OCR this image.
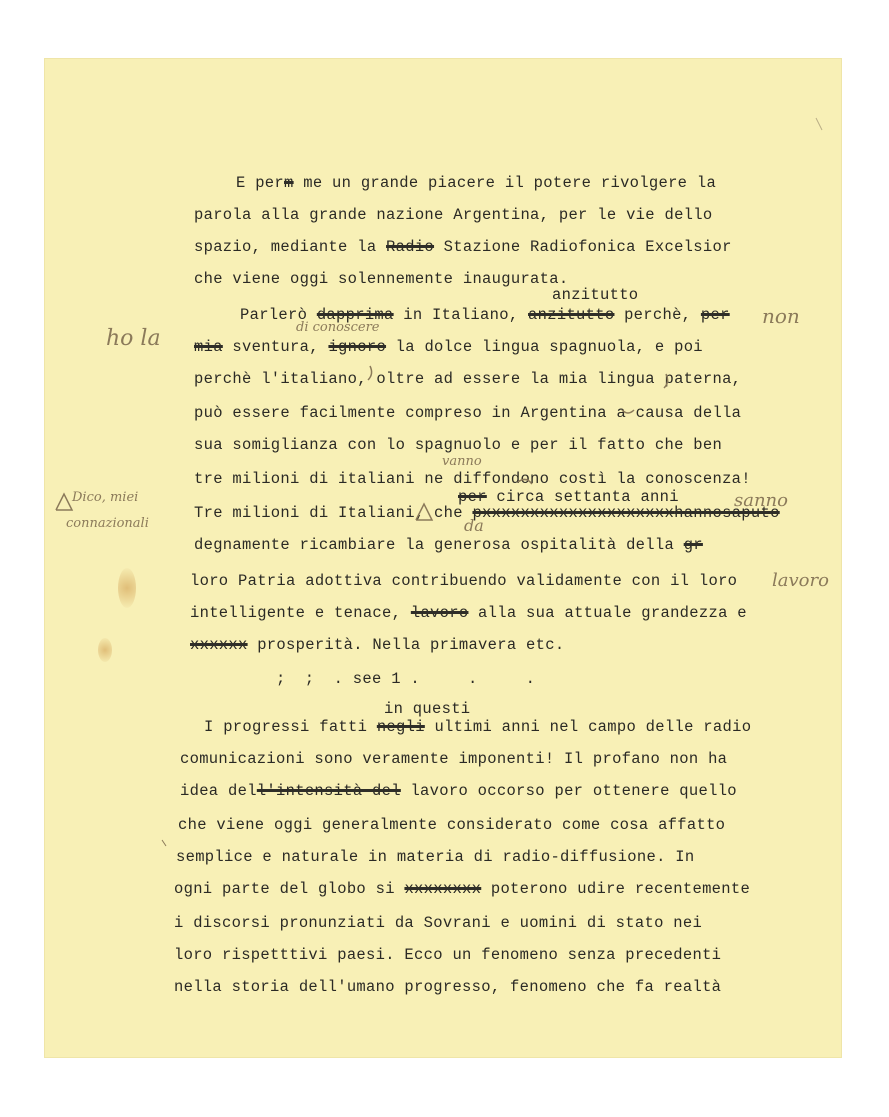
E perm me un grande piacere il potere rivolgere la
parola alla grande nazione Argentina, per le vie dello
spazio, mediante la Radio Stazione Radiofonica Excelsior
che viene oggi solennemente inaugurata.
anzitutto
Parlerò dapprima in Italiano, anzitutto perchè, per
mia sventura, ignoro la dolce lingua spagnuola, e poi
perchè l'italiano, oltre ad essere la mia lingua paterna,
può essere facilmente compreso in Argentina a causa della
sua somiglianza con lo spagnuolo e per il fatto che ben
tre milioni di italiani ne diffondono costì la conoscenza!
per circa settanta anni
Tre milioni di Italiani, che pxxxxxxxxxxxxxxxxxxxxhannosaputo
degnamente ricambiare la generosa ospitalità della gr
loro Patria adottiva contribuendo validamente con il loro
intelligente e tenace, lavoro alla sua attuale grandezza e
xxxxxx prosperità. Nella primavera etc.
;  ;  . see 1 .     .     .
in questi
I progressi fatti negli ultimi anni nel campo delle radio
comunicazioni sono veramente imponenti! Il profano non ha
idea dell'intensità del lavoro occorso per ottenere quello
che viene oggi generalmente considerato come cosa affatto
semplice e naturale in materia di radio-diffusione. In
ogni parte del globo si xxxxxxxx poterono udire recentemente
i discorsi pronunziati da Sovrani e uomini di stato nei
loro rispetttivi paesi. Ecco un fenomeno senza precedenti
nella storia dell'umano progresso, fenomeno che fa realtà
ho la
non
di conoscere
vanno
Dico, miei
connazionali	da
sanno
lavoro
